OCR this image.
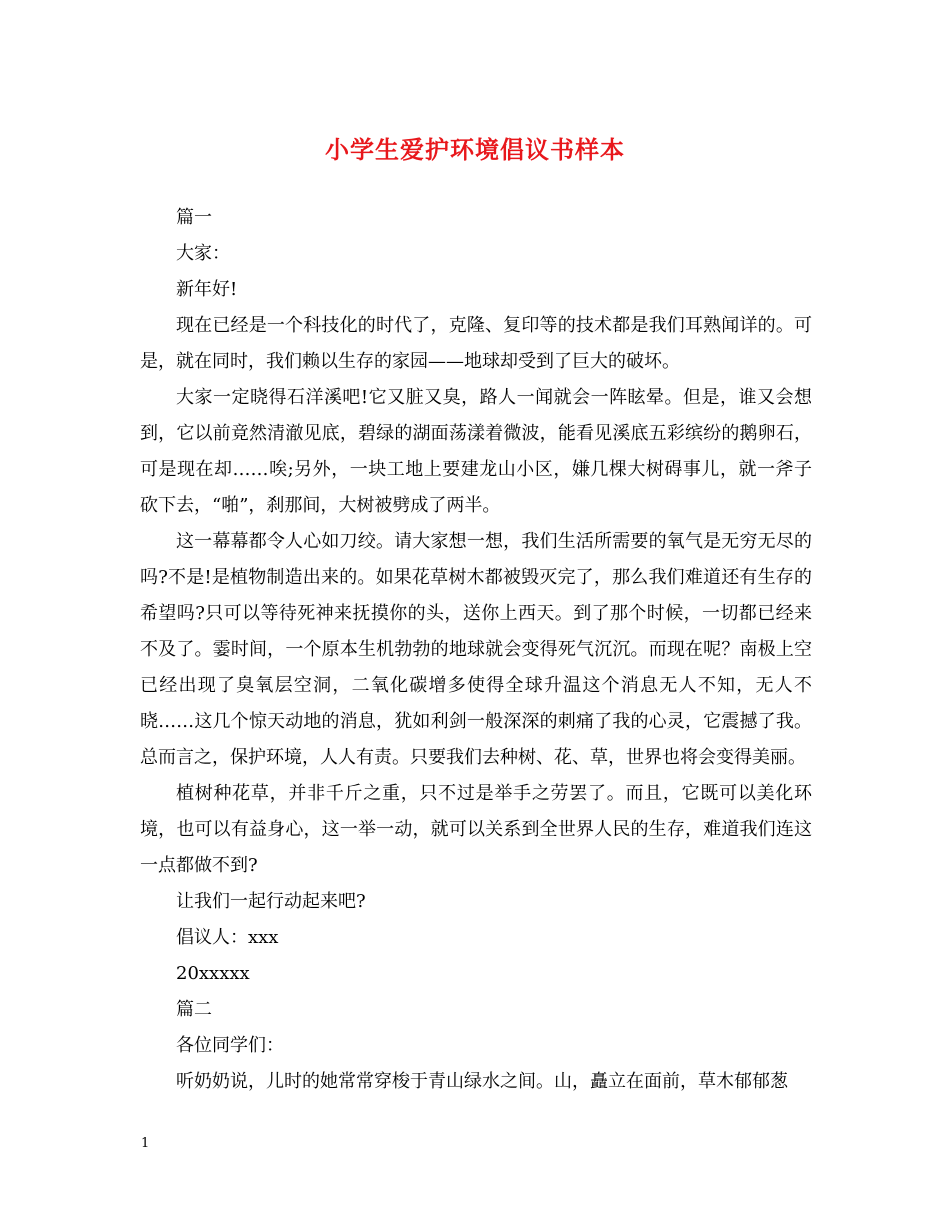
小学生爱护环境倡议书样本
篇一
大家：
新年好!

现在已经是一个科技化的时代了，克隆、复印等的技术都是我们耳熟闻详的。可是，就在同时，我们赖以生存的家园——地球却受到了巨大的破坏。

大家一定晓得石洋溪吧!它又脏又臭，路人一闻就会一阵眩晕。但是，谁又会想到，它以前竟然清澈见底，碧绿的湖面荡漾着微波，能看见溪底五彩缤纷的鹅卵石，可是现在却……唉;另外，一块工地上要建龙山小区，嫌几棵大树碍事儿，就一斧子砍下去，“啪”，刹那间，大树被劈成了两半。

这一幕幕都令人心如刀绞。请大家想一想，我们生活所需要的氧气是无穷无尽的吗?不是!是植物制造出来的。如果花草树木都被毁灭完了，那么我们难道还有生存的希望吗?只可以等待死神来抚摸你的头，送你上西天。到了那个时候，一切都已经来不及了。霎时间，一个原本生机勃勃的地球就会变得死气沉沉。而现在呢？南极上空已经出现了臭氧层空洞，二氧化碳增多使得全球升温这个消息无人不知，无人不晓……这几个惊天动地的消息，犹如利剑一般深深的刺痛了我的心灵，它震撼了我。总而言之，保护环境，人人有责。只要我们去种树、花、草，世界也将会变得美丽。

植树种花草，并非千斤之重，只不过是举手之劳罢了。而且，它既可以美化环境，也可以有益身心，这一举一动，就可以关系到全世界人民的生存，难道我们连这一点都做不到?

让我们一起行动起来吧?
倡议人：xxx
20xxxxx
篇二
各位同学们：
听奶奶说，儿时的她常常穿梭于青山绿水之间。山，矗立在面前，草木郁郁葱
1
